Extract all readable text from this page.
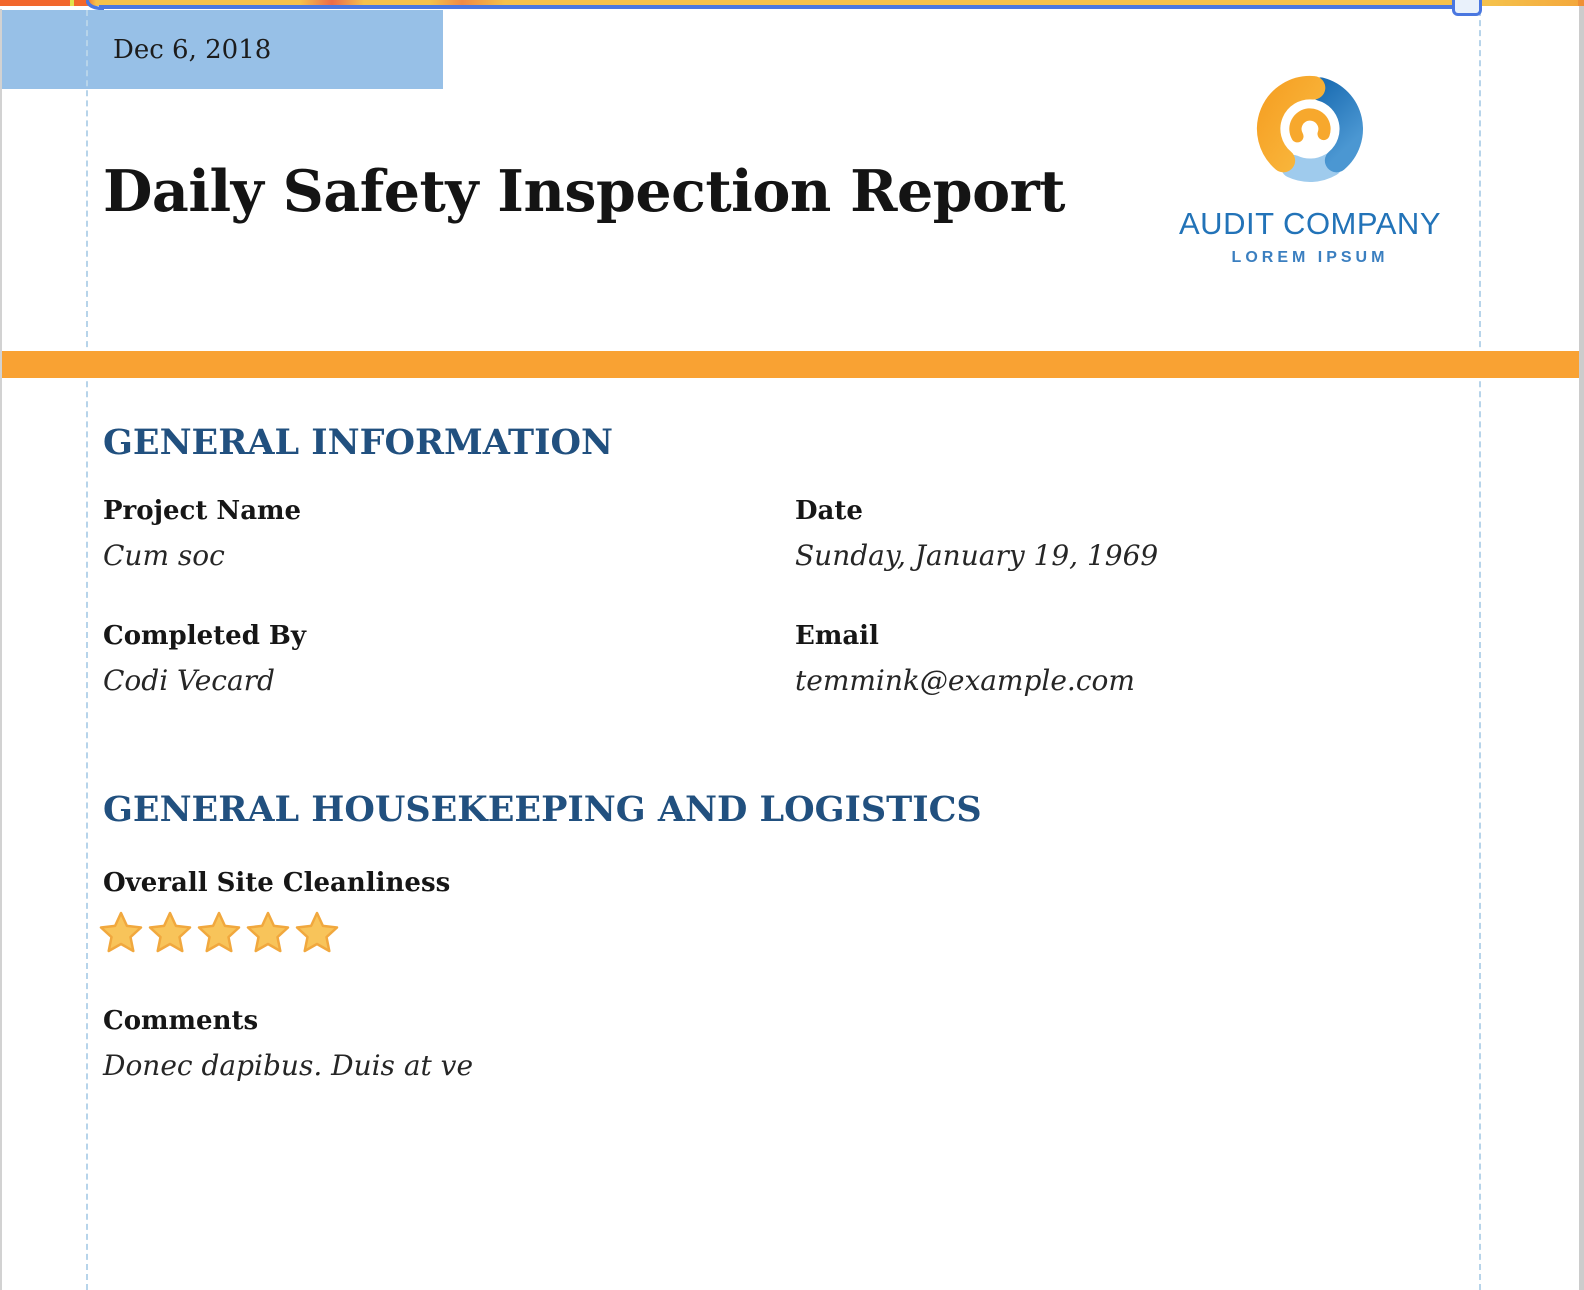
Dec 6, 2018
AUDIT COMPANY
LOREM IPSUM
Daily Safety Inspection Report
GENERAL INFORMATION
Project Name
Cum soc
Date
Sunday, January 19, 1969
Completed By
Codi Vecard
Email
temmink@example.com
GENERAL HOUSEKEEPING AND LOGISTICS
Overall Site Cleanliness
Comments
Donec dapibus. Duis at ve
